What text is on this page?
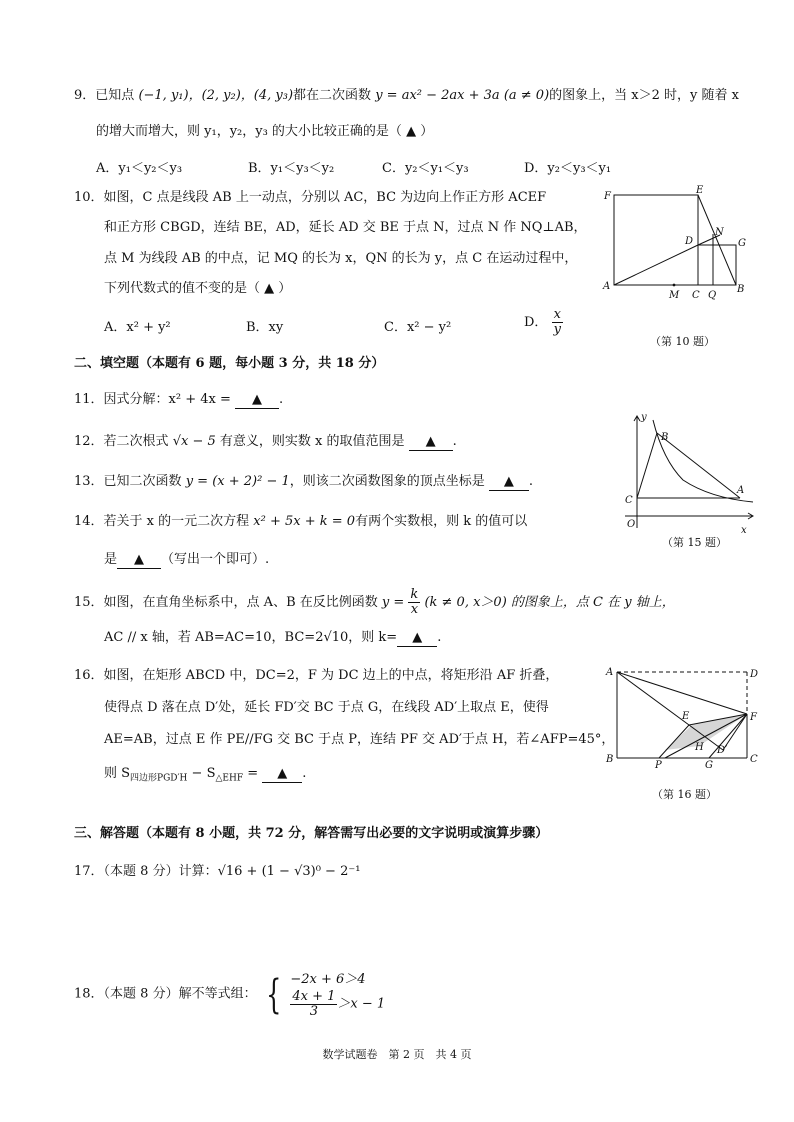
9．已知点 (−1, y₁)，(2, y₂)，(4, y₃)都在二次函数 y = ax² − 2ax + 3a (a ≠ 0)的图象上，当 x＞2 时，y 随着 x
的增大而增大，则 y₁，y₂，y₃ 的大小比较正确的是（ ▲ ）
A．y₁＜y₂＜y₃	B．y₁＜y₃＜y₂	C．y₂＜y₁＜y₃	D．y₂＜y₃＜y₁
10．如图，C 点是线段 AB 上一动点，分别以 AC，BC 为边向上作正方形 ACEF
和正方形 CBGD，连结 BE，AD，延长 AD 交 BE 于点 N，过点 N 作 NQ⊥AB，
点 M 为线段 AB 的中点，记 MQ 的长为 x，QN 的长为 y，点 C 在运动过程中，
下列代数式的值不变的是（ ▲ ）
A．x² + y²	B．xy	C．x² − y²	D． $\frac{x}{y}$
F
E
D
N
G
A
M C Q
B
（第 10 题）
二、填空题（本题有 6 题，每小题 3 分，共 18 分）
11．因式分解：x² + 4x = ▲ .
12．若二次根式 √x − 5 有意义，则实数 x 的取值范围是 ▲ .
13．已知二次函数 y = (x + 2)² − 1，则该二次函数图象的顶点坐标是 ▲ .
14．若关于 x 的一元二次方程 x² + 5x + k = 0有两个实数根，则 k 的值可以
是 ▲ （写出一个即可）.
y
B
C
A
O
x
（第 15 题）
15．如图，在直角坐标系中，点 A、B 在反比例函数 $y = \frac{k}{x} (k \ne 0$, x＞0) 的图象上，点 C 在 y 轴上，
AC // x 轴，若 AB=AC=10，BC=2√10，则 k= ▲ .
16．如图，在矩形 ABCD 中，DC=2，F 为 DC 边上的中点，将矩形沿 AF 折叠，
使得点 D 落在点 D′处，延长 FD′交 BC 于点 G，在线段 AD′上取点 E，使得
AE=AB，过点 E 作 PE//FG 交 BC 于点 P，连结 PF 交 AD′于点 H，若∠AFP=45°，
则 $S_{四边形PGD'H} - S_{\triangle EHF}$ = ▲ .
A	D
E	F
H D′
B
P	G
C
（第 16 题）
三、解答题（本题有 8 小题，共 72 分，解答需写出必要的文字说明或演算步骤）
17．（本题 8 分）计算：√16 + (1 − √3)⁰ − 2⁻¹
18．（本题 8 分）解不等式组： { −2x + 6＞4
$\frac{4x + 1}{3} >x - 1$
数学试题卷　第 2 页　共 4 页
